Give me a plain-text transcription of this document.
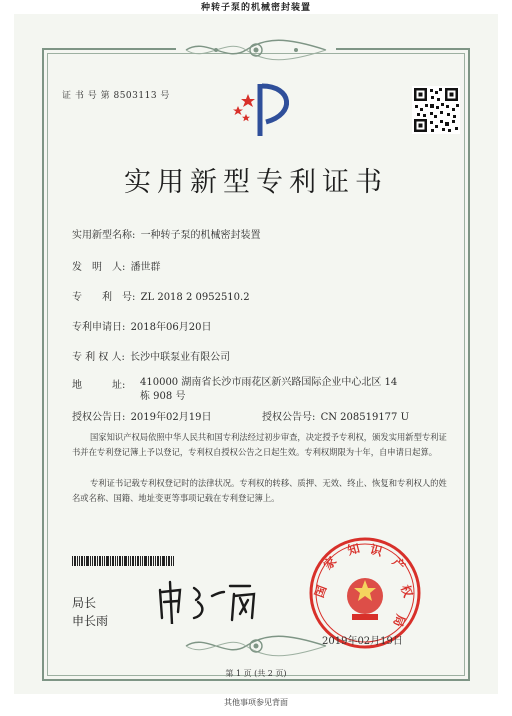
种转子泵的机械密封装置
证 书 号 第 8503113 号
实用新型专利证书
实用新型名称: 一种转子泵的机械密封装置
发　明　人: 潘世群
专　　利　号: ZL 2018 2 0952510.2
专利申请日: 2018年06月20日
专 利 权 人: 长沙中联泵业有限公司
地　　　址: 410000 湖南省长沙市雨花区新兴路国际企业中心北区 14 栋 908 号
授权公告日: 2019年02月19日	授权公告号: CN 208519177 U
国家知识产权局依照中华人民共和国专利法经过初步审查，决定授予专利权，颁发实用新型专利证书并在专利登记簿上予以登记，专利权自授权公告之日起生效。专利权期限为十年，自申请日起算。
专利证书记载专利权登记时的法律状况。专利权的转移、质押、无效、终止、恢复和专利权人的姓名或名称、国籍、地址变更等事项记载在专利登记簿上。
局长
申长雨
国
家
知 识
产
权
局
2019年02月19日
第 1 页 (共 2 页)
其他事项参见背面
